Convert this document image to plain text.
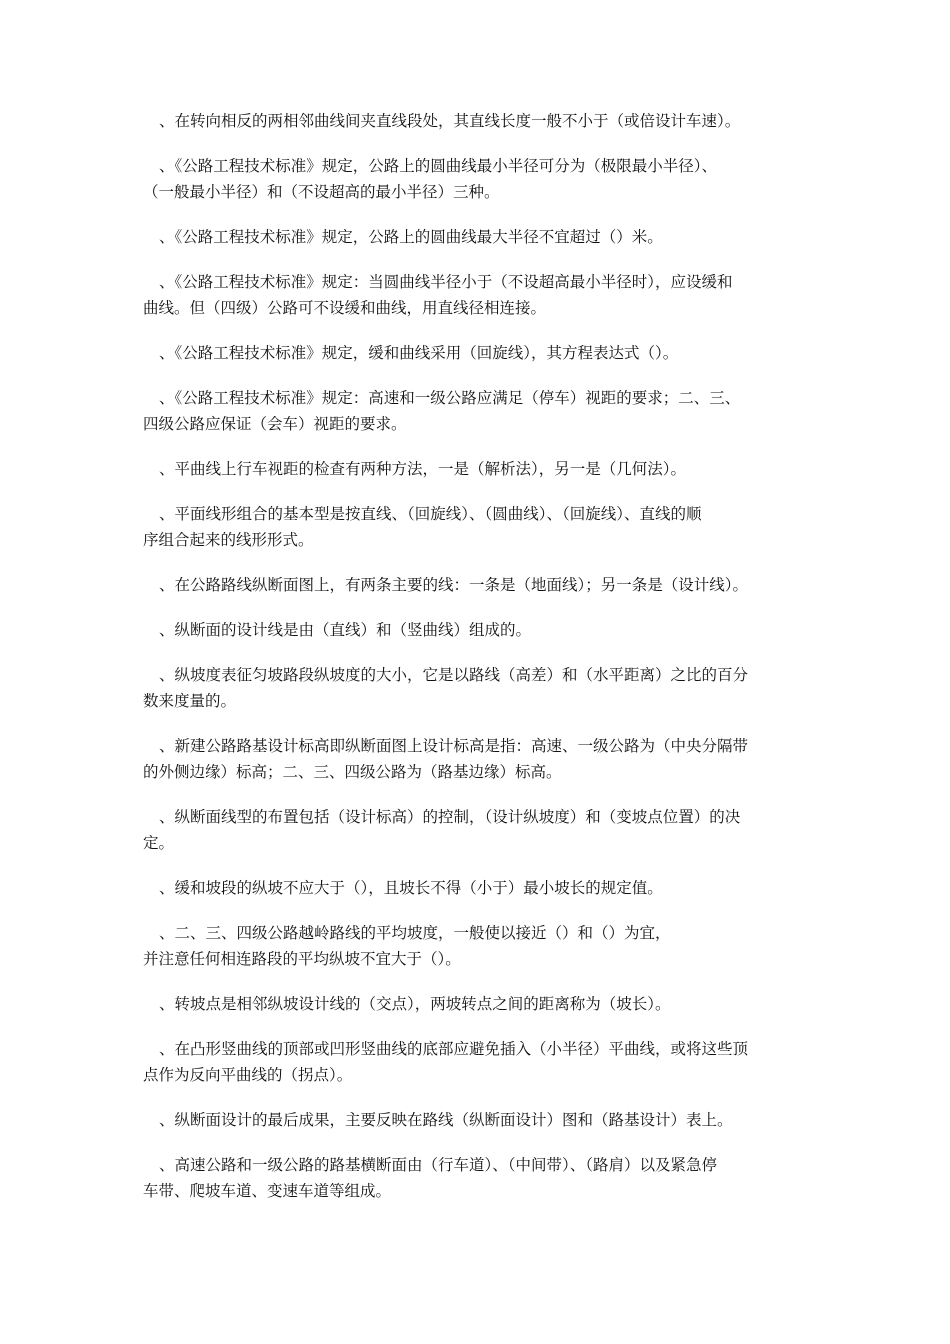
、在转向相反的两相邻曲线间夹直线段处，其直线长度一般不小于（或倍设计车速）。

、《公路工程技术标准》规定，公路上的圆曲线最小半径可分为（极限最小半径）、
（一般最小半径）和（不设超高的最小半径）三种。

、《公路工程技术标准》规定，公路上的圆曲线最大半径不宜超过（）米。

、《公路工程技术标准》规定：当圆曲线半径小于（不设超高最小半径时），应设缓和
曲线。但（四级）公路可不设缓和曲线，用直线径相连接。

、《公路工程技术标准》规定，缓和曲线采用（回旋线），其方程表达式（）。

、《公路工程技术标准》规定：高速和一级公路应满足（停车）视距的要求；二、三、
四级公路应保证（会车）视距的要求。

、平曲线上行车视距的检查有两种方法，一是（解析法），另一是（几何法）。

、平面线形组合的基本型是按直线、（回旋线）、（圆曲线）、（回旋线）、直线的顺
序组合起来的线形形式。

、在公路路线纵断面图上，有两条主要的线：一条是（地面线）；另一条是（设计线）。

、纵断面的设计线是由（直线）和（竖曲线）组成的。

、纵坡度表征匀坡路段纵坡度的大小，它是以路线（高差）和（水平距离）之比的百分
数来度量的。

、新建公路路基设计标高即纵断面图上设计标高是指：高速、一级公路为（中央分隔带
的外侧边缘）标高；二、三、四级公路为（路基边缘）标高。

、纵断面线型的布置包括（设计标高）的控制，（设计纵坡度）和（变坡点位置）的决
定。

、缓和坡段的纵坡不应大于（），且坡长不得（小于）最小坡长的规定值。

、二、三、四级公路越岭路线的平均坡度，一般使以接近（）和（）为宜，
并注意任何相连路段的平均纵坡不宜大于（）。

、转坡点是相邻纵坡设计线的（交点），两坡转点之间的距离称为（坡长）。

、在凸形竖曲线的顶部或凹形竖曲线的底部应避免插入（小半径）平曲线，或将这些顶
点作为反向平曲线的（拐点）。

、纵断面设计的最后成果，主要反映在路线（纵断面设计）图和（路基设计）表上。

、高速公路和一级公路的路基横断面由（行车道）、（中间带）、（路肩）以及紧急停
车带、爬坡车道、变速车道等组成。
